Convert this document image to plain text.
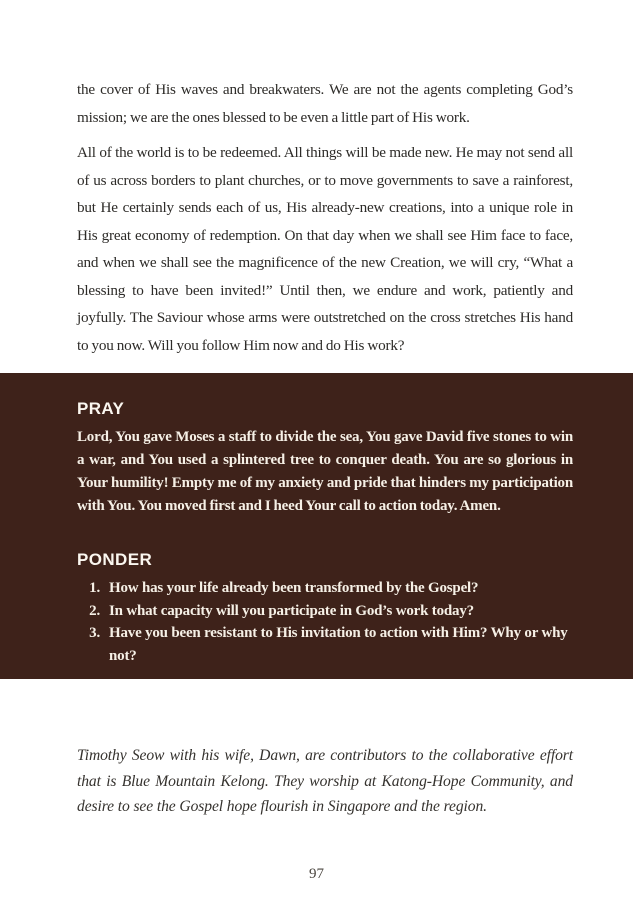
the cover of His waves and breakwaters. We are not the agents completing God’s mission; we are the ones blessed to be even a little part of His work.

All of the world is to be redeemed. All things will be made new. He may not send all of us across borders to plant churches, or to move governments to save a rainforest, but He certainly sends each of us, His already-new creations, into a unique role in His great economy of redemption. On that day when we shall see Him face to face, and when we shall see the magnificence of the new Creation, we will cry, “What a blessing to have been invited!” Until then, we endure and work, patiently and joyfully. The Saviour whose arms were outstretched on the cross stretches His hand to you now. Will you follow Him now and do His work?

PRAY

Lord, You gave Moses a staff to divide the sea, You gave David five stones to win a war, and You used a splintered tree to conquer death. You are so glorious in Your humility! Empty me of my anxiety and pride that hinders my participation with You. You moved first and I heed Your call to action today. Amen.

PONDER
1. How has your life already been transformed by the Gospel?
2. In what capacity will you participate in God’s work today?
3. Have you been resistant to His invitation to action with Him? Why or why not?

Timothy Seow with his wife, Dawn, are contributors to the collaborative effort that is Blue Mountain Kelong. They worship at Katong-Hope Community, and desire to see the Gospel hope flourish in Singapore and the region.

97
